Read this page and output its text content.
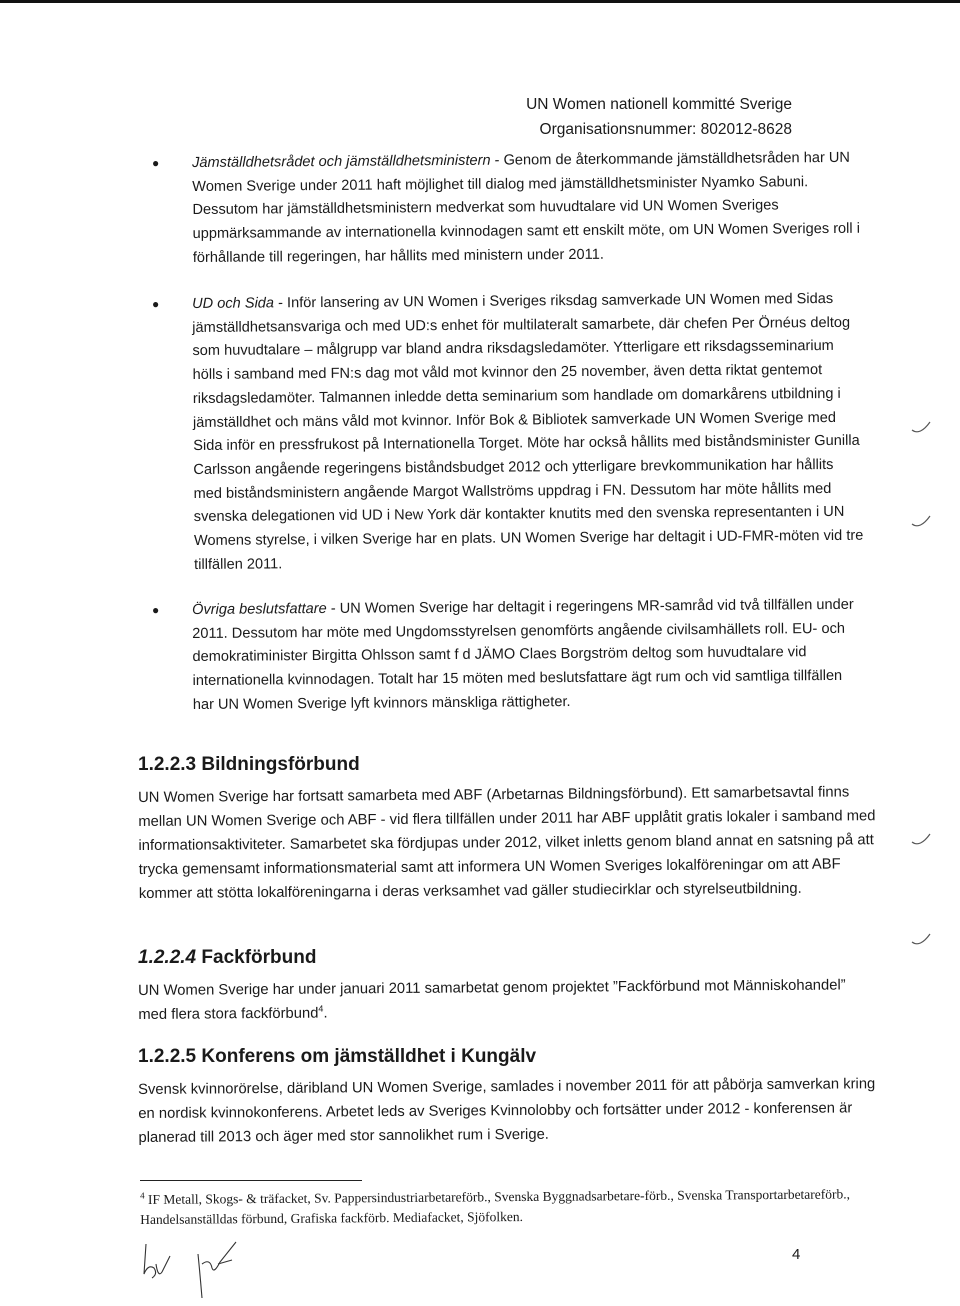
UN Women nationell kommitté Sverige
Organisationsnummer: 802012-8628
●	Jämställdhetsrådet och jämställdhetsministern - Genom de återkommande jämställdhetsråden har UN Women Sverige under 2011 haft möjlighet till dialog med jämställdhetsminister Nyamko Sabuni. Dessutom har jämställdhetsministern medverkat som huvudtalare vid UN Women Sveriges uppmärksammande av internationella kvinnodagen samt ett enskilt möte, om UN Women Sveriges roll i förhållande till regeringen, har hållits med ministern under 2011.
●	UD och Sida - Inför lansering av UN Women i Sveriges riksdag samverkade UN Women med Sidas jämställdhetsansvariga och med UD:s enhet för multilateralt samarbete, där chefen Per Örnéus deltog som huvudtalare – målgrupp var bland andra riksdagsledamöter. Ytterligare ett riksdagsseminarium hölls i samband med FN:s dag mot våld mot kvinnor den 25 november, även detta riktat gentemot riksdagsledamöter. Talmannen inledde detta seminarium som handlade om domarkårens utbildning i jämställdhet och mäns våld mot kvinnor. Inför Bok & Bibliotek samverkade UN Women Sverige med Sida inför en pressfrukost på Internationella Torget. Möte har också hållits med biståndsminister Gunilla Carlsson angående regeringens biståndsbudget 2012 och ytterligare brevkommunikation har hållits med biståndsministern angående Margot Wallströms uppdrag i FN. Dessutom har möte hållits med svenska delegationen vid UD i New York där kontakter knutits med den svenska representanten i UN Womens styrelse, i vilken Sverige har en plats. UN Women Sverige har deltagit i UD-FMR-möten vid tre tillfällen 2011.
●	Övriga beslutsfattare - UN Women Sverige har deltagit i regeringens MR-samråd vid två tillfällen under 2011. Dessutom har möte med Ungdomsstyrelsen genomförts angående civilsamhällets roll. EU- och demokratiminister Birgitta Ohlsson samt f d JÄMO Claes Borgström deltog som huvudtalare vid internationella kvinnodagen. Totalt har 15 möten med beslutsfattare ägt rum och vid samtliga tillfällen har UN Women Sverige lyft kvinnors mänskliga rättigheter.
1.2.2.3 Bildningsförbund
UN Women Sverige har fortsatt samarbeta med ABF (Arbetarnas Bildningsförbund). Ett samarbetsavtal finns mellan UN Women Sverige och ABF - vid flera tillfällen under 2011 har ABF upplåtit gratis lokaler i samband med informationsaktiviteter. Samarbetet ska fördjupas under 2012, vilket inletts genom bland annat en satsning på att trycka gemensamt informationsmaterial samt att informera UN Women Sveriges lokalföreningar om att ABF kommer att stötta lokalföreningarna i deras verksamhet vad gäller studiecirklar och styrelseutbildning.
1.2.2.4 Fackförbund
UN Women Sverige har under januari 2011 samarbetat genom projektet ”Fackförbund mot Människohandel” med flera stora fackförbund$^4$.
1.2.2.5 Konferens om jämställdhet i Kungälv
Svensk kvinnorörelse, däribland UN Women Sverige, samlades i november 2011 för att påbörja samverkan kring en nordisk kvinnokonferens. Arbetet leds av Sveriges Kvinnolobby och fortsätter under 2012 - konferensen är planerad till 2013 och äger med stor sannolikhet rum i Sverige.
$^4$ IF Metall, Skogs- & träfacket, Sv. Pappersindustriarbetareförb., Svenska Byggnadsarbetare-förb., Svenska Transportarbetareförb., Handelsanställdas förbund, Grafiska fackförb. Mediafacket, Sjöfolken.
4
